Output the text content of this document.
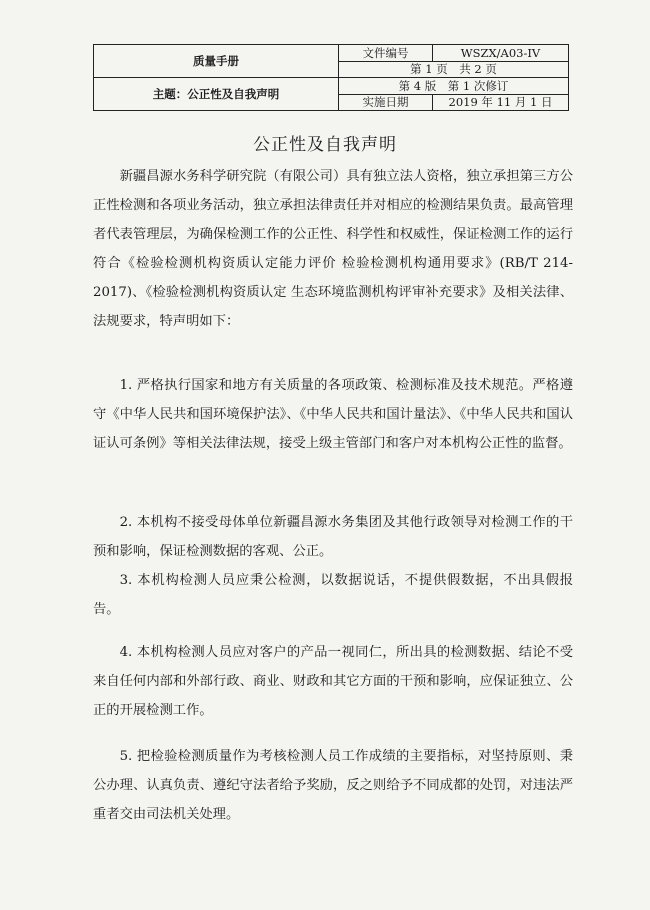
质量手册	文件编号	WSZX/A03-IV
	第 1 页　共 2 页	
主题：公正性及自我声明	第 4 版　第 1 次修订	
	实施日期	2019 年 11 月 1 日
公正性及自我声明

新疆昌源水务科学研究院（有限公司）具有独立法人资格，独立承担第三方公正性检测和各项业务活动，独立承担法律责任并对相应的检测结果负责。最高管理者代表管理层，为确保检测工作的公正性、科学性和权威性，保证检测工作的运行符合《检验检测机构资质认定能力评价 检验检测机构通用要求》(RB/T 214-2017)、《检验检测机构资质认定 生态环境监测机构评审补充要求》及相关法律、法规要求，特声明如下：

1. 严格执行国家和地方有关质量的各项政策、检测标准及技术规范。严格遵守《中华人民共和国环境保护法》、《中华人民共和国计量法》、《中华人民共和国认证认可条例》等相关法律法规，接受上级主管部门和客户对本机构公正性的监督。

2. 本机构不接受母体单位新疆昌源水务集团及其他行政领导对检测工作的干预和影响，保证检测数据的客观、公正。

3. 本机构检测人员应秉公检测，以数据说话，不提供假数据，不出具假报告。

4. 本机构检测人员应对客户的产品一视同仁，所出具的检测数据、结论不受来自任何内部和外部行政、商业、财政和其它方面的干预和影响，应保证独立、公正的开展检测工作。

5. 把检验检测质量作为考核检测人员工作成绩的主要指标，对坚持原则、秉公办理、认真负责、遵纪守法者给予奖励，反之则给予不同成都的处罚，对违法严重者交由司法机关处理。
